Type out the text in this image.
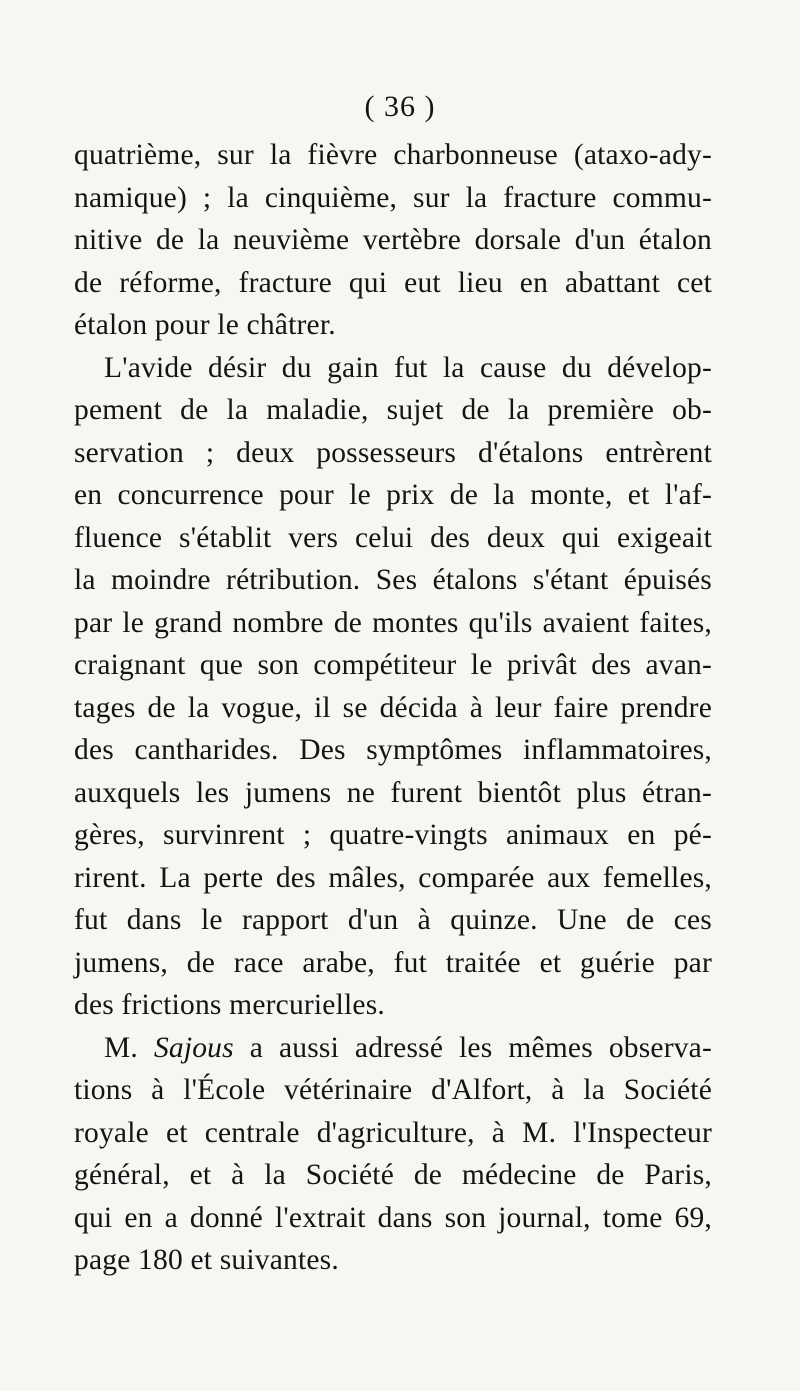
( 36 )
quatrième, sur la fièvre charbonneuse (ataxo-ady-
namique) ; la cinquième, sur la fracture commu-
nitive de la neuvième vertèbre dorsale d'un étalon
de réforme, fracture qui eut lieu en abattant cet
étalon pour le châtrer.
L'avide désir du gain fut la cause du dévelop-
pement de la maladie, sujet de la première ob-
servation ; deux possesseurs d'étalons entrèrent
en concurrence pour le prix de la monte, et l'af-
fluence s'établit vers celui des deux qui exigeait
la moindre rétribution. Ses étalons s'étant épuisés
par le grand nombre de montes qu'ils avaient faites,
craignant que son compétiteur le privât des avan-
tages de la vogue, il se décida à leur faire prendre
des cantharides. Des symptômes inflammatoires,
auxquels les jumens ne furent bientôt plus étran-
gères, survinrent ; quatre-vingts animaux en pé-
rirent. La perte des mâles, comparée aux femelles,
fut dans le rapport d'un à quinze. Une de ces
jumens, de race arabe, fut traitée et guérie par
des frictions mercurielles.
M. Sajous a aussi adressé les mêmes observa-
tions à l'École vétérinaire d'Alfort, à la Société
royale et centrale d'agriculture, à M. l'Inspecteur
général, et à la Société de médecine de Paris,
qui en a donné l'extrait dans son journal, tome 69,
page 180 et suivantes.
